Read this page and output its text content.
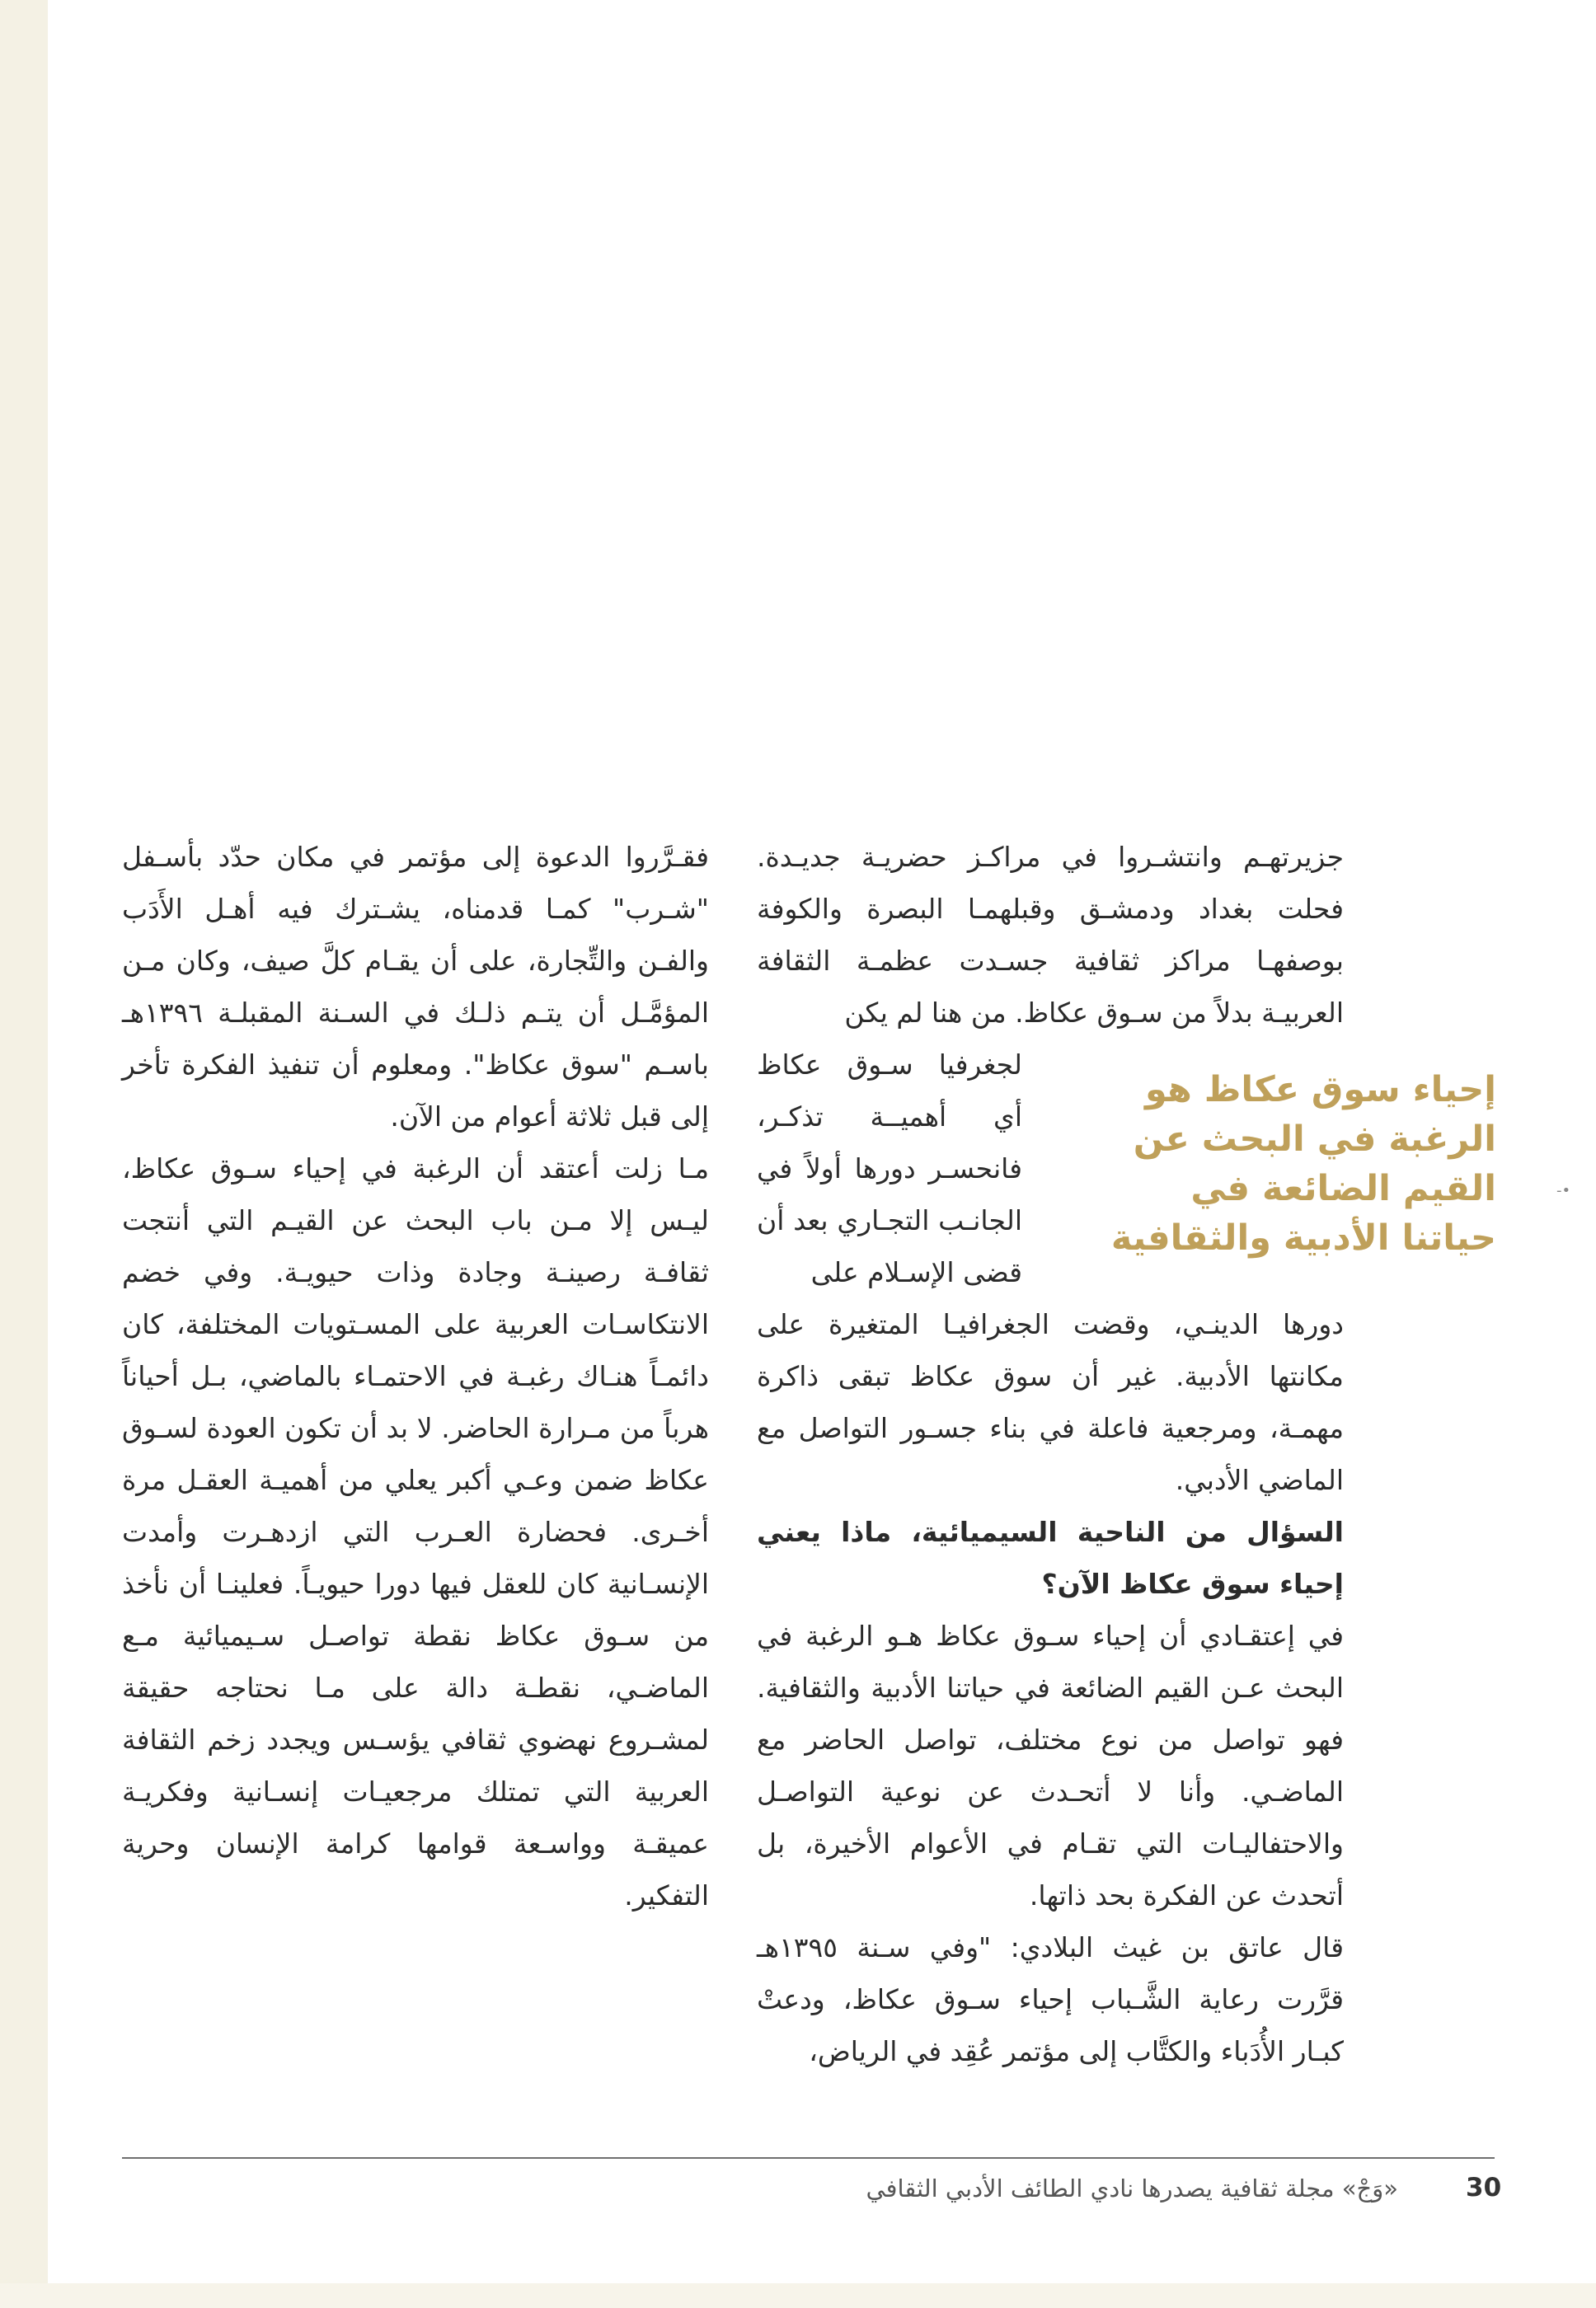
جزيرتهـم وانتشـروا في مراكـز حضريـة جديـدة. فحلت بغداد ودمشـق وقبلهمـا البصرة والكوفة بوصفهـا مراكز ثقافية جسـدت عظمـة الثقافة العربيـة بدلاً من سـوق عكاظ. من هنا لم يكن

لجغرفيا سـوق عكاظ أي أهميــة تذكـر، فانحسـر دورها أولاً في الجانـب التجـاري بعد أن قضى الإسـلام على

دورها الدينـي، وقضت الجغرافيـا المتغيرة على مكانتها الأدبية. غير أن سوق عكاظ تبقى ذاكرة مهمـة، ومرجعية فاعلة في بناء جسـور التواصل مع الماضي الأدبي.

السؤال من الناحية السيميائية، ماذا يعني إحياء سوق عكاظ الآن؟

في إعتقـادي أن إحياء سـوق عكاظ هـو الرغبة في البحث عـن القيم الضائعة في حياتنا الأدبية والثقافية. فهو تواصل من نوع مختلف، تواصل الحاضر مع الماضـي. وأنا لا أتحـدث عن نوعية التواصـل والاحتفاليـات التي تقـام في الأعوام الأخيرة، بل أتحدث عن الفكرة بحد ذاتها.

قال عاتق بن غيث البلادي: "وفي سـنة ١٣٩٥هـ قرَّرت رعاية الشَّـباب إحياء سـوق عكاظ، ودعتْ كبـار الأُدَباء والكتَّاب إلى مؤتمر عُقِد في الرياض،

إحياء سوق عكاظ هو الرغبة في البحث عن القيم الضائعة في حياتنا الأدبية والثقافية

فقـرَّروا الدعوة إلى مؤتمر في مكان حدّد بأسـفل "شـرب" كمـا قدمناه، يشـترك فيه أهـل الأَدَب والفـن والتِّجارة، على أن يقـام كلَّ صيف، وكان مـن المؤمَّـل أن يتـم ذلـك في السـنة المقبلـة ١٣٩٦هـ باسـم "سوق عكاظ". ومعلوم أن تنفيذ الفكرة تأخر إلى قبل ثلاثة أعوام من الآن.

مـا زلت أعتقد أن الرغبة في إحياء سـوق عكاظ، ليـس إلا مـن باب البحث عن القيـم التي أنتجت ثقافـة رصينـة وجادة وذات حيويـة. وفي خضم الانتكاسـات العربية على المسـتويات المختلفة، كان دائمـاً هنـاك رغبـة في الاحتمـاء بالماضي، بـل أحياناً هرباً من مـرارة الحاضر. لا بد أن تكون العودة لسـوق عكاظ ضمن وعـي أكبر يعلي من أهميـة العقـل مرة أخـرى. فحضارة العـرب التي ازدهـرت وأمدت الإنسـانية كان للعقل فيها دورا حيويـاً. فعلينـا أن نأخذ من سـوق عكاظ نقطة تواصـل سـيميائية مـع الماضـي، نقطـة دالة على مـا نحتاجه حقيقة لمشـروع نهضوي ثقافي يؤسـس ويجدد زخم الثقافة العربية التي تمتلك مرجعيـات إنسـانية وفكريـة عميقـة وواسـعة قوامها كرامة الإنسان وحرية التفكير.

•-
«وَجْ» مجلة ثقافية يصدرها نادي الطائف الأدبي الثقافي	30
